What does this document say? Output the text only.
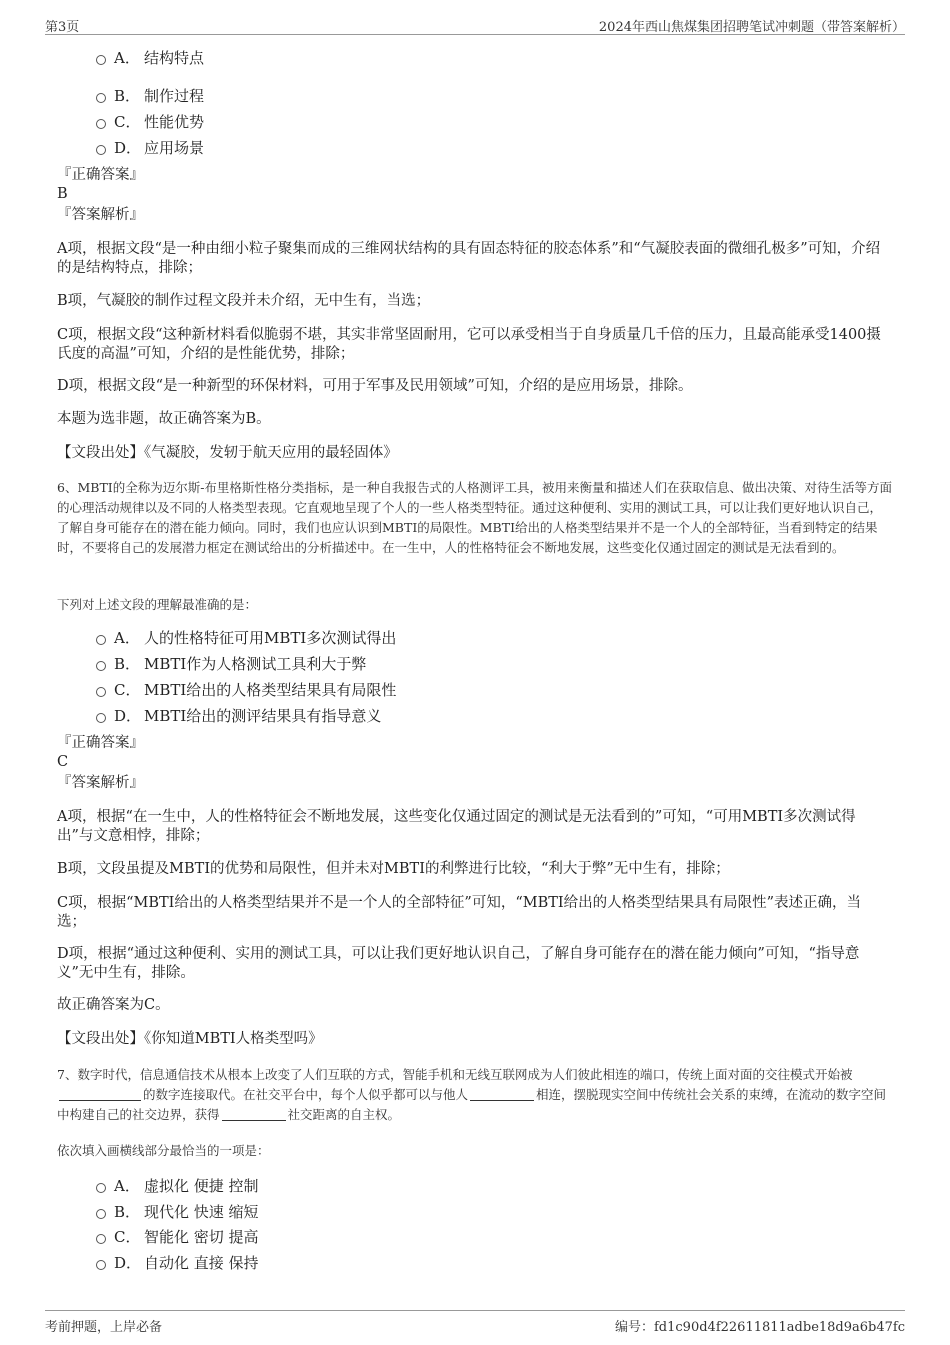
第3页	2024年西山焦煤集团招聘笔试冲刺题（带答案解析）
A． 结构特点
B． 制作过程
C． 性能优势
D． 应用场景
『正确答案』
B
『答案解析』
A项，根据文段“是一种由细小粒子聚集而成的三维网状结构的具有固态特征的胶态体系”和“气凝胶表面的微细孔极多”可知，介绍的是结构特点，排除；
B项，气凝胶的制作过程文段并未介绍，无中生有，当选；
C项，根据文段“这种新材料看似脆弱不堪，其实非常坚固耐用，它可以承受相当于自身质量几千倍的压力，且最高能承受1400摄氏度的高温”可知，介绍的是性能优势，排除；
D项，根据文段“是一种新型的环保材料，可用于军事及民用领域”可知，介绍的是应用场景，排除。
本题为选非题，故正确答案为B。
【文段出处】《气凝胶，发轫于航天应用的最轻固体》
6、MBTI的全称为迈尔斯-布里格斯性格分类指标，是一种自我报告式的人格测评工具，被用来衡量和描述人们在获取信息、做出决策、对待生活等方面的心理活动规律以及不同的人格类型表现。它直观地呈现了个人的一些人格类型特征。通过这种便利、实用的测试工具，可以让我们更好地认识自己，了解自身可能存在的潜在能力倾向。同时，我们也应认识到MBTI的局限性。MBTI给出的人格类型结果并不是一个人的全部特征，当看到特定的结果时，不要将自己的发展潜力框定在测试给出的分析描述中。在一生中，人的性格特征会不断地发展，这些变化仅通过固定的测试是无法看到的。
下列对上述文段的理解最准确的是：
A． 人的性格特征可用MBTI多次测试得出
B． MBTI作为人格测试工具利大于弊
C． MBTI给出的人格类型结果具有局限性
D． MBTI给出的测评结果具有指导意义
『正确答案』
C
『答案解析』
A项，根据“在一生中，人的性格特征会不断地发展，这些变化仅通过固定的测试是无法看到的”可知，“可用MBTI多次测试得出”与文意相悖，排除；
B项，文段虽提及MBTI的优势和局限性，但并未对MBTI的利弊进行比较，“利大于弊”无中生有，排除；
C项，根据“MBTI给出的人格类型结果并不是一个人的全部特征”可知，“MBTI给出的人格类型结果具有局限性”表述正确，当选；
D项，根据“通过这种便利、实用的测试工具，可以让我们更好地认识自己，了解自身可能存在的潜在能力倾向”可知，“指导意义”无中生有，排除。
故正确答案为C。
【文段出处】《你知道MBTI人格类型吗》
7、数字时代，信息通信技术从根本上改变了人们互联的方式，智能手机和无线互联网成为人们彼此相连的端口，传统上面对面的交往模式开始被的数字连接取代。在社交平台中，每个人似乎都可以与他人	相连，摆脱现实空间中传统社会关系的束缚，在流动的数字空间中构建自己的社交边界，获得	社交距离的自主权。
依次填入画横线部分最恰当的一项是：
A． 虚拟化 便捷 控制
B． 现代化 快速 缩短
C． 智能化 密切 提高
D． 自动化 直接 保持
考前押题，上岸必备	编号：fd1c90d4f22611811adbe18d9a6b47fc
